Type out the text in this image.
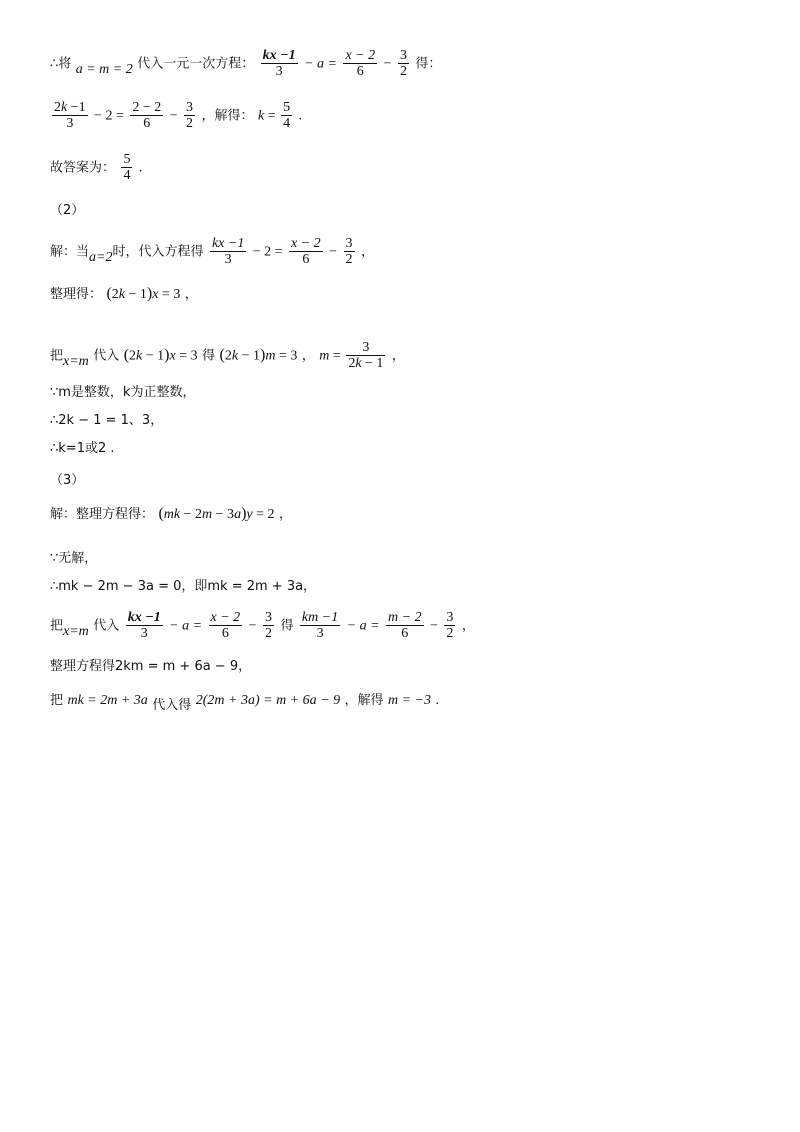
∴将 a = m = 2 代入一元一次方程： $\frac{kx -1}{3} - a = \frac{x - 2}{6} - \frac{3}{2}$ 得：
$\frac{2k -1}{3} - 2 = \frac{2 - 2}{6} - \frac{3}{2}$ ，解得： $k = \frac{5}{4}$ .
故答案为： $\frac{5}{4}$ .
（2）
解：当a=2时，代入方程得 $\frac{kx -1}{3} - 2 = \frac{x - 2}{6} - \frac{3}{2}$ ，
整理得： (2k − 1)x = 3 ，
把x=m 代入 (2k − 1)x = 3 得 (2k − 1)m = 3 ， $m = \frac{3}{2k - 1}$ ，
∵m是整数，k为正整数，
∴2k − 1 = 1、3，
∴k=1或2 .
（3）
解：整理方程得： (mk − 2m − 3a)y = 2 ，
∵无解，
∴mk − 2m − 3a = 0，即mk = 2m + 3a，
把x=m 代入 $\frac{kx -1}{3} - a = \frac{x - 2}{6} - \frac{3}{2}$ 得 $\frac{km -1}{3} - a = \frac{m - 2}{6} - \frac{3}{2}$ ，
整理方程得2km = m + 6a − 9，
把 mk = 2m + 3a 代入得 2(2m + 3a) = m + 6a − 9 ，解得 m = −3 .
